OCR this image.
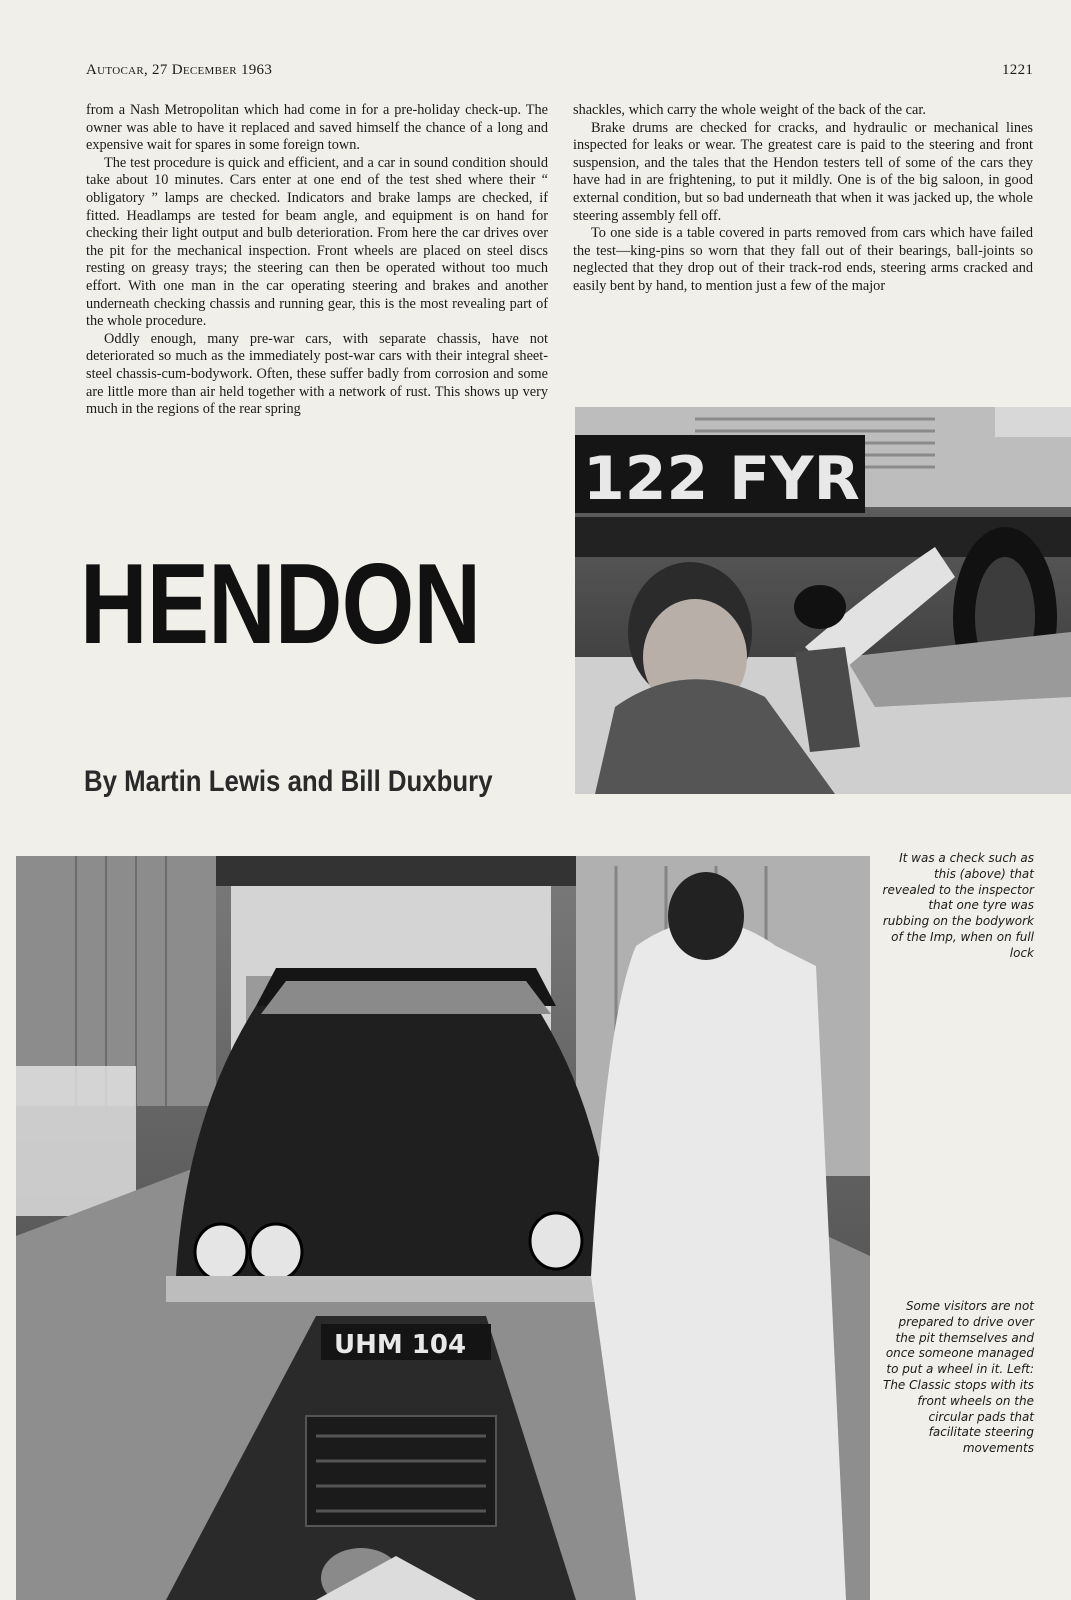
Autocar, 27 December 1963	1221

from a Nash Metropolitan which had come in for a pre-holiday check-up. The owner was able to have it replaced and saved himself the chance of a long and expensive wait for spares in some foreign town.

The test procedure is quick and efficient, and a car in sound condition should take about 10 minutes. Cars enter at one end of the test shed where their “ obligatory ” lamps are checked. Indicators and brake lamps are checked, if fitted. Headlamps are tested for beam angle, and equipment is on hand for checking their light output and bulb deterioration. From here the car drives over the pit for the mechanical inspection. Front wheels are placed on steel discs resting on greasy trays; the steering can then be operated without too much effort. With one man in the car operating steering and brakes and another underneath checking chassis and running gear, this is the most revealing part of the whole procedure.

Oddly enough, many pre-war cars, with separate chassis, have not deteriorated so much as the immediately post-war cars with their integral sheet-steel chassis-cum-bodywork. Often, these suffer badly from corrosion and some are little more than air held together with a network of rust. This shows up very much in the regions of the rear spring

shackles, which carry the whole weight of the back of the car.

Brake drums are checked for cracks, and hydraulic or mechanical lines inspected for leaks or wear. The greatest care is paid to the steering and front suspension, and the tales that the Hendon testers tell of some of the cars they have had in are frightening, to put it mildly. One is of the big saloon, in good external condition, but so bad underneath that when it was jacked up, the whole steering assembly fell off.

To one side is a table covered in parts removed from cars which have failed the test—king-pins so worn that they fall out of their bearings, ball-joints so neglected that they drop out of their track-rod ends, steering arms cracked and easily bent by hand, to mention just a few of the major

HENDON
By Martin Lewis and Bill Duxbury
122 FYR
UHM 104
It was a check such as this (above) that revealed to the inspector that one tyre was rubbing on the bodywork of the Imp, when on full lock
Some visitors are not prepared to drive over the pit themselves and once someone managed to put a wheel in it. Left: The Classic stops with its front wheels on the circular pads that facilitate steering movements
